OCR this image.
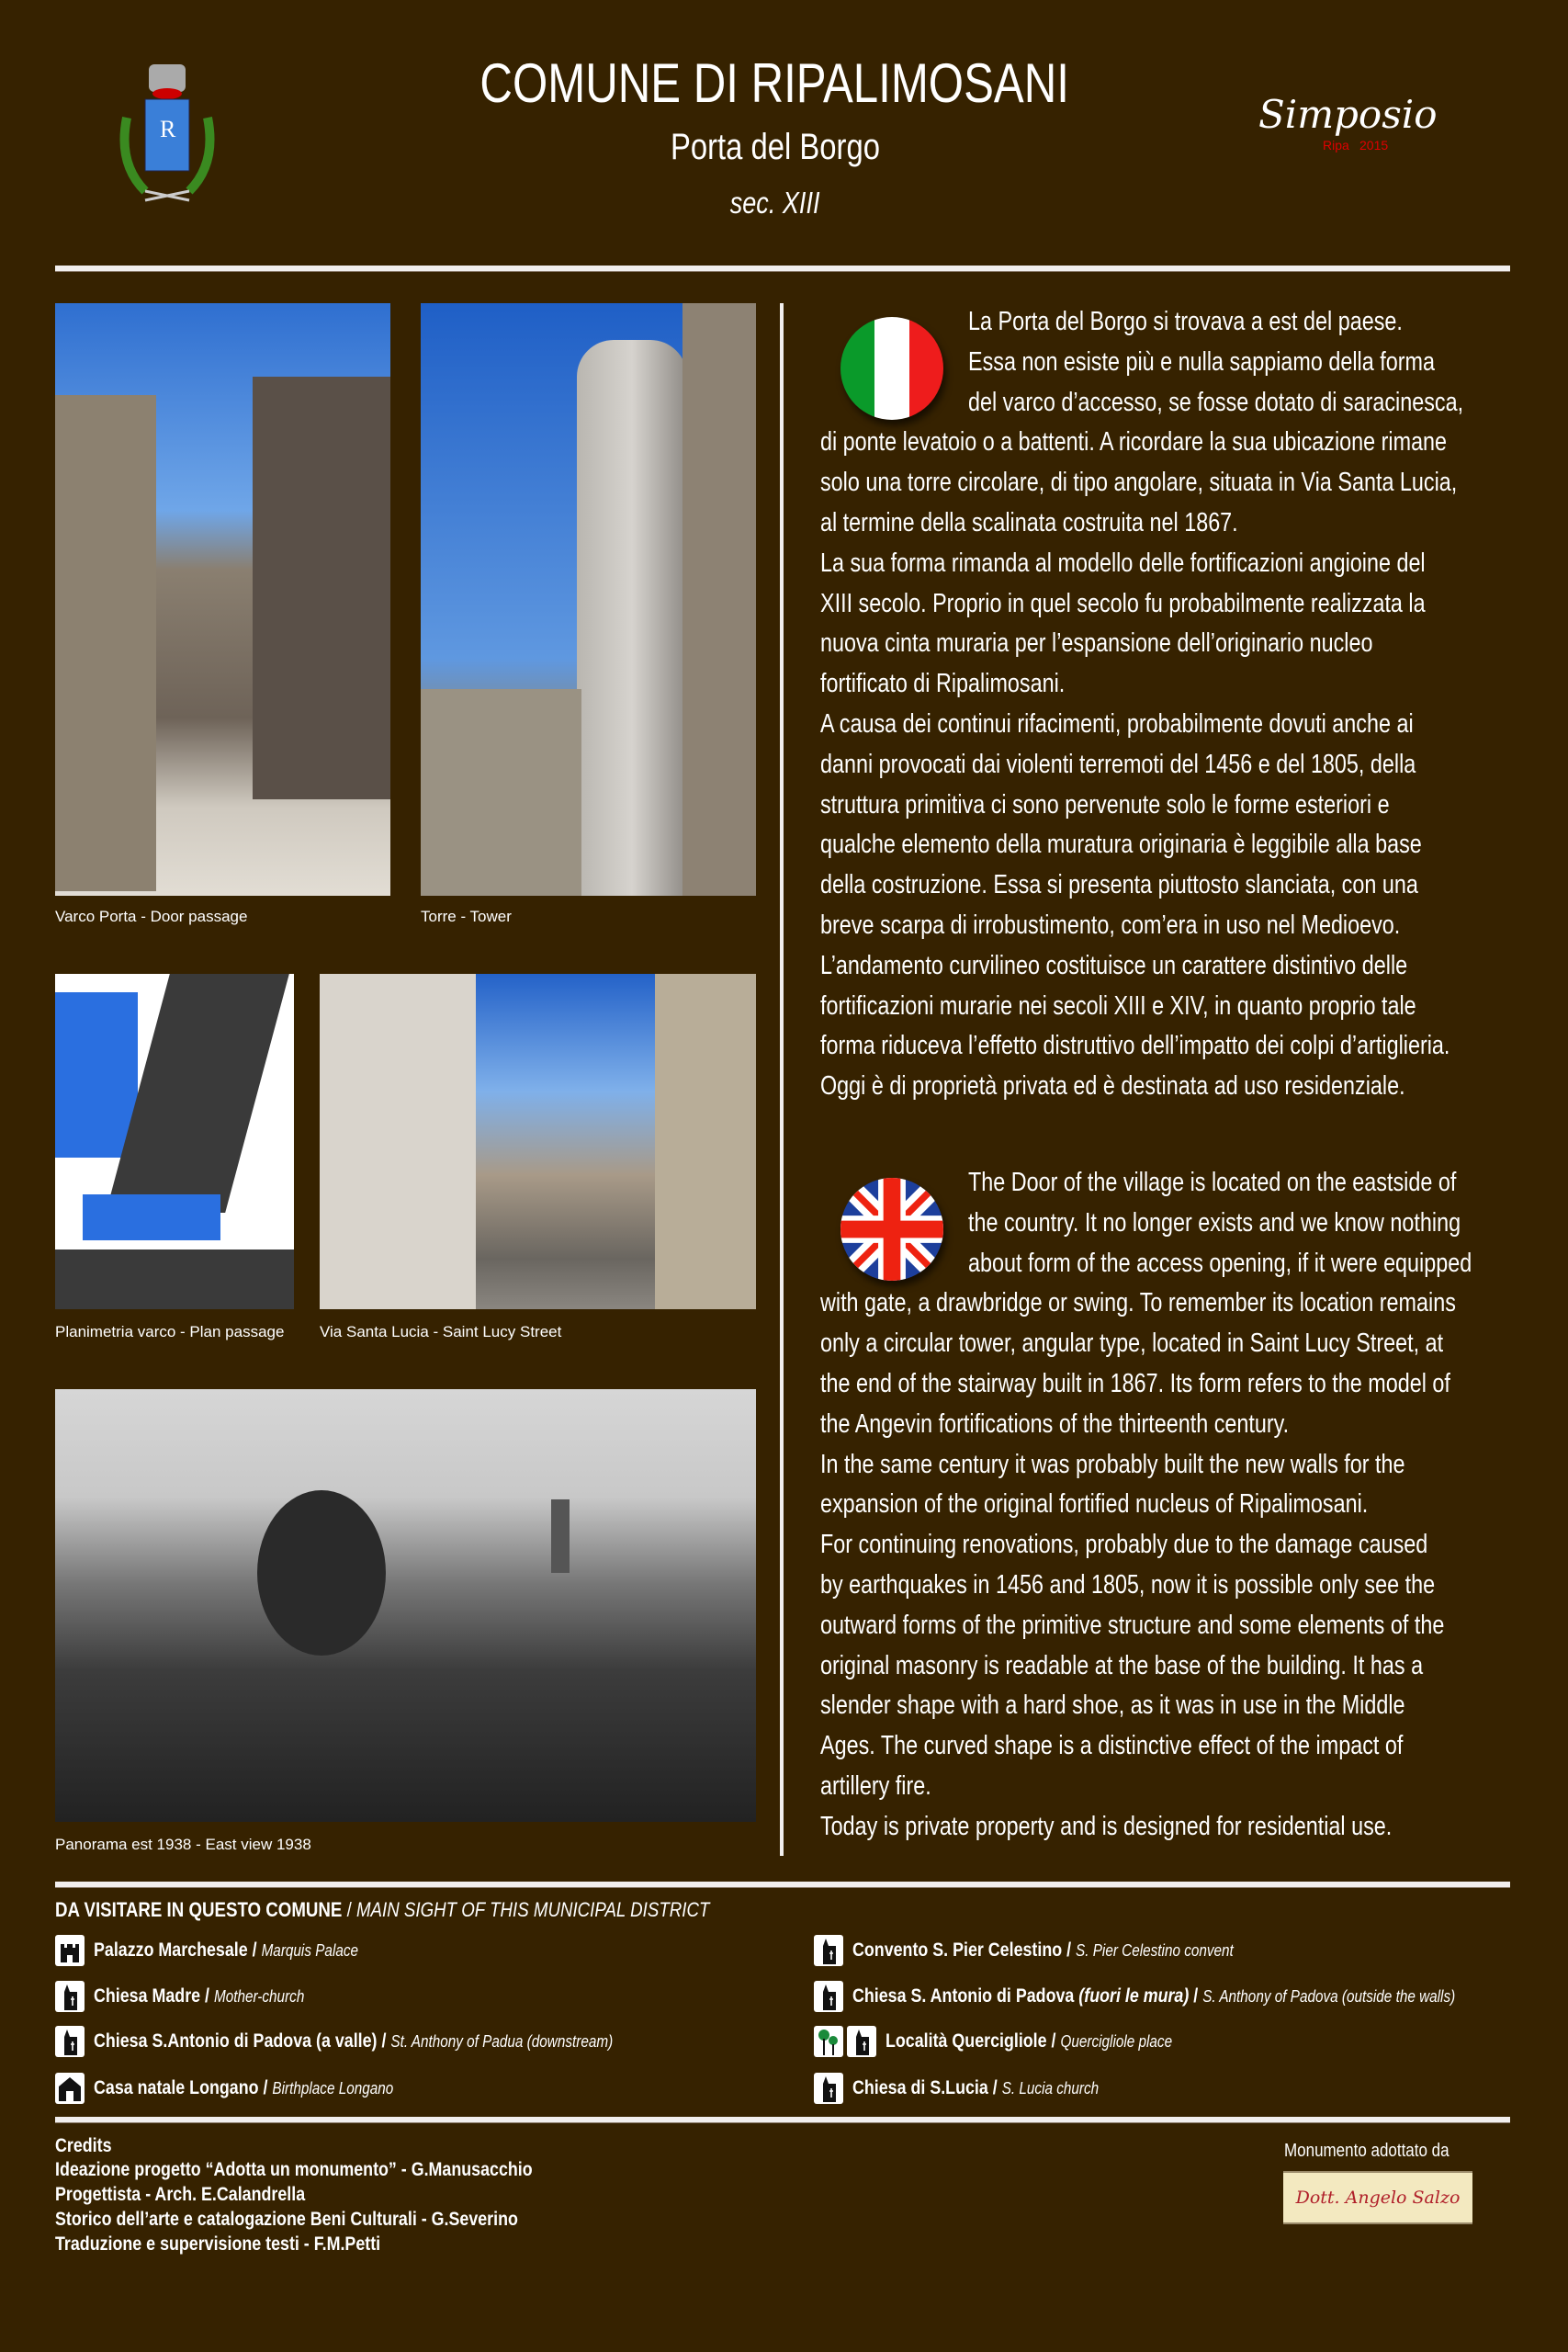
R
COMUNE DI RIPALIMOSANI
Porta del Borgo
sec. XIII
Simposio
Ripa 2015
Varco Porta - Door passage	Torre - Tower
Planimetria varco - Plan passage Via Santa Lucia - Saint Lucy Street
Panorama est 1938 - East view 1938
La Porta del Borgo si trovava a est del paese.
Essa non esiste più e nulla sappiamo della forma
del varco d’accesso, se fosse dotato di saracinesca,
di ponte levatoio o a battenti. A ricordare la sua ubicazione rimane
solo una torre circolare, di tipo angolare, situata in Via Santa Lucia,
al termine della scalinata costruita nel 1867.
La sua forma rimanda al modello delle fortificazioni angioine del
XIII secolo. Proprio in quel secolo fu probabilmente realizzata la
nuova cinta muraria per l’espansione dell’originario nucleo
fortificato di Ripalimosani.
A causa dei continui rifacimenti, probabilmente dovuti anche ai
danni provocati dai violenti terremoti del 1456 e del 1805, della
struttura primitiva ci sono pervenute solo le forme esteriori e
qualche elemento della muratura originaria è leggibile alla base
della costruzione. Essa si presenta piuttosto slanciata, con una
breve scarpa di irrobustimento, com’era in uso nel Medioevo.
L’andamento curvilineo costituisce un carattere distintivo delle
fortificazioni murarie nei secoli XIII e XIV, in quanto proprio tale
forma riduceva l’effetto distruttivo dell’impatto dei colpi d’artiglieria.
Oggi è di proprietà privata ed è destinata ad uso residenziale.
The Door of the village is located on the eastside of
the country. It no longer exists and we know nothing
about form of the access opening, if it were equipped
with gate, a drawbridge or swing. To remember its location remains
only a circular tower, angular type, located in Saint Lucy Street, at
the end of the stairway built in 1867. Its form refers to the model of
the Angevin fortifications of the thirteenth century.
In the same century it was probably built the new walls for the
expansion of the original fortified nucleus of Ripalimosani.
For continuing renovations, probably due to the damage caused
by earthquakes in 1456 and 1805, now it is possible only see the
outward forms of the primitive structure and some elements of the
original masonry is readable at the base of the building. It has a
slender shape with a hard shoe, as it was in use in the Middle
Ages. The curved shape is a distinctive effect of the impact of
artillery fire.
Today is private property and is designed for residential use.
DA VISITARE IN QUESTO COMUNE / MAIN SIGHT OF THIS MUNICIPAL DISTRICT
Palazzo Marchesale / Marquis Palace
Chiesa Madre / Mother-church
Chiesa S.Antonio di Padova (a valle) / St. Anthony of Padua (downstream)
Casa natale Longano / Birthplace Longano
Convento S. Pier Celestino / S. Pier Celestino convent
Chiesa S. Antonio di Padova (fuori le mura) / S. Anthony of Padova (outside the walls)
Località Quercigliole / Quercigliole place
Chiesa di S.Lucia / S. Lucia church
Credits
Ideazione progetto “Adotta un monumento” - G.Manusacchio
Progettista - Arch. E.Calandrella
Storico dell’arte e catalogazione Beni Culturali - G.Severino
Traduzione e supervisione testi - F.M.Petti
Monumento adottato da
Dott. Angelo Salzo
